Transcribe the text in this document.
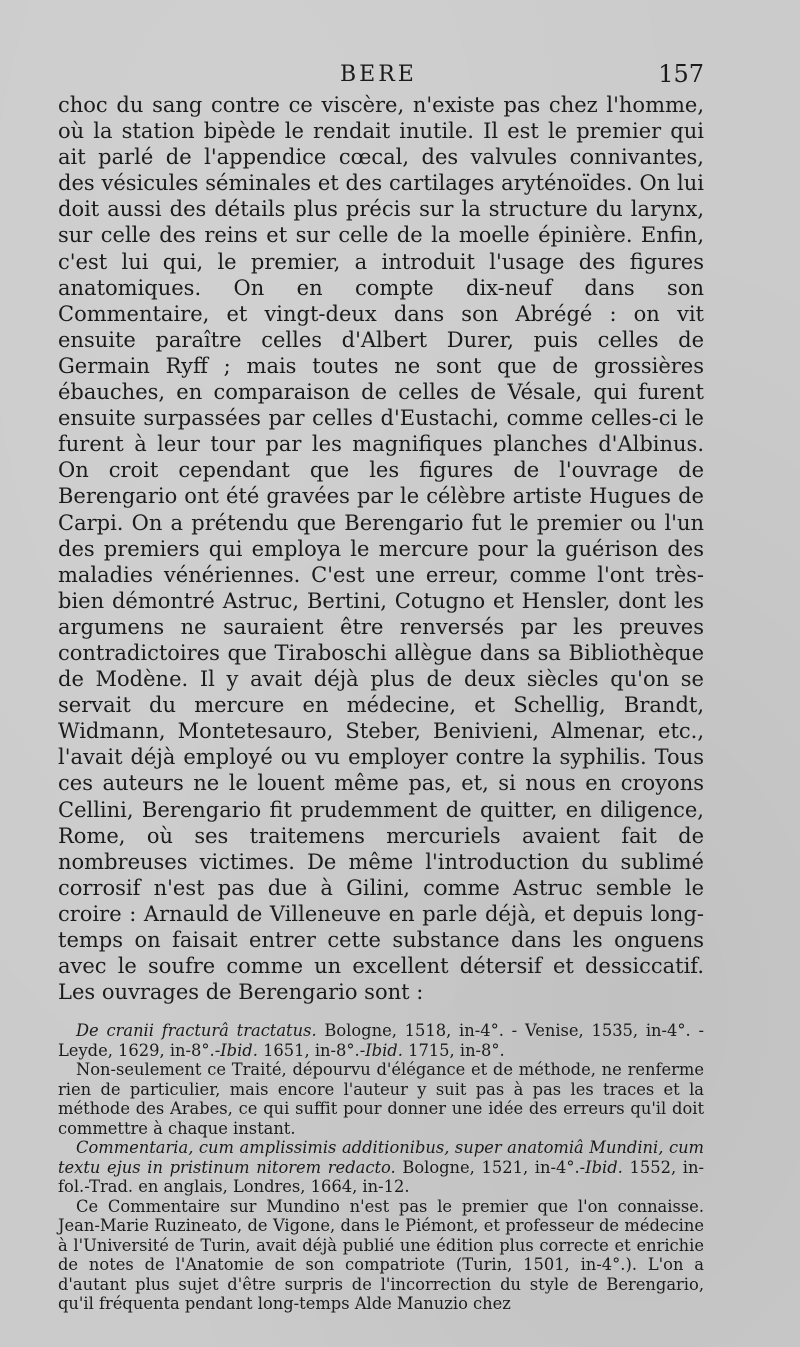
BERE	157

choc du sang contre ce viscère, n'existe pas chez l'homme, où la station bipède le rendait inutile. Il est le premier qui ait parlé de l'appendice cœcal, des valvules connivantes, des vésicules séminales et des cartilages aryténoïdes. On lui doit aussi des détails plus précis sur la structure du larynx, sur celle des reins et sur celle de la moelle épinière. Enfin, c'est lui qui, le premier, a introduit l'usage des figures anatomiques. On en compte dix-neuf dans son Commentaire, et vingt-deux dans son Abrégé : on vit ensuite paraître celles d'Albert Durer, puis celles de Germain Ryff ; mais toutes ne sont que de grossières ébauches, en comparaison de celles de Vésale, qui furent ensuite surpassées par celles d'Eustachi, comme celles-ci le furent à leur tour par les magnifiques planches d'Albinus. On croit cependant que les figures de l'ouvrage de Berengario ont été gravées par le célèbre artiste Hugues de Carpi. On a prétendu que Berengario fut le premier ou l'un des premiers qui employa le mercure pour la guérison des maladies vénériennes. C'est une erreur, comme l'ont très-bien démontré Astruc, Bertini, Cotugno et Hensler, dont les argumens ne sauraient être renversés par les preuves contradictoires que Tiraboschi allègue dans sa Bibliothèque de Modène. Il y avait déjà plus de deux siècles qu'on se servait du mercure en médecine, et Schellig, Brandt, Widmann, Montetesauro, Steber, Benivieni, Almenar, etc., l'avait déjà employé ou vu employer contre la syphilis. Tous ces auteurs ne le louent même pas, et, si nous en croyons Cellini, Berengario fit prudemment de quitter, en diligence, Rome, où ses traitemens mercuriels avaient fait de nombreuses victimes. De même l'introduction du sublimé corrosif n'est pas due à Gilini, comme Astruc semble le croire : Arnauld de Villeneuve en parle déjà, et depuis long-temps on faisait entrer cette substance dans les onguens avec le soufre comme un excellent détersif et dessiccatif. Les ouvrages de Berengario sont :

De cranii fracturâ tractatus. Bologne, 1518, in-4°. - Venise, 1535, in-4°. -Leyde, 1629, in-8°.-Ibid. 1651, in-8°.-Ibid. 1715, in-8°.

Non-seulement ce Traité, dépourvu d'élégance et de méthode, ne renferme rien de particulier, mais encore l'auteur y suit pas à pas les traces et la méthode des Arabes, ce qui suffit pour donner une idée des erreurs qu'il doit commettre à chaque instant.

Commentaria, cum amplissimis additionibus, super anatomiâ Mundini, cum textu ejus in pristinum nitorem redacto. Bologne, 1521, in-4°.-Ibid. 1552, in-fol.-Trad. en anglais, Londres, 1664, in-12.

Ce Commentaire sur Mundino n'est pas le premier que l'on connaisse. Jean-Marie Ruzineato, de Vigone, dans le Piémont, et professeur de médecine à l'Université de Turin, avait déjà publié une édition plus correcte et enrichie de notes de l'Anatomie de son compatriote (Turin, 1501, in-4°.). L'on a d'autant plus sujet d'être surpris de l'incorrection du style de Berengario, qu'il fréquenta pendant long-temps Alde Manuzio chez
